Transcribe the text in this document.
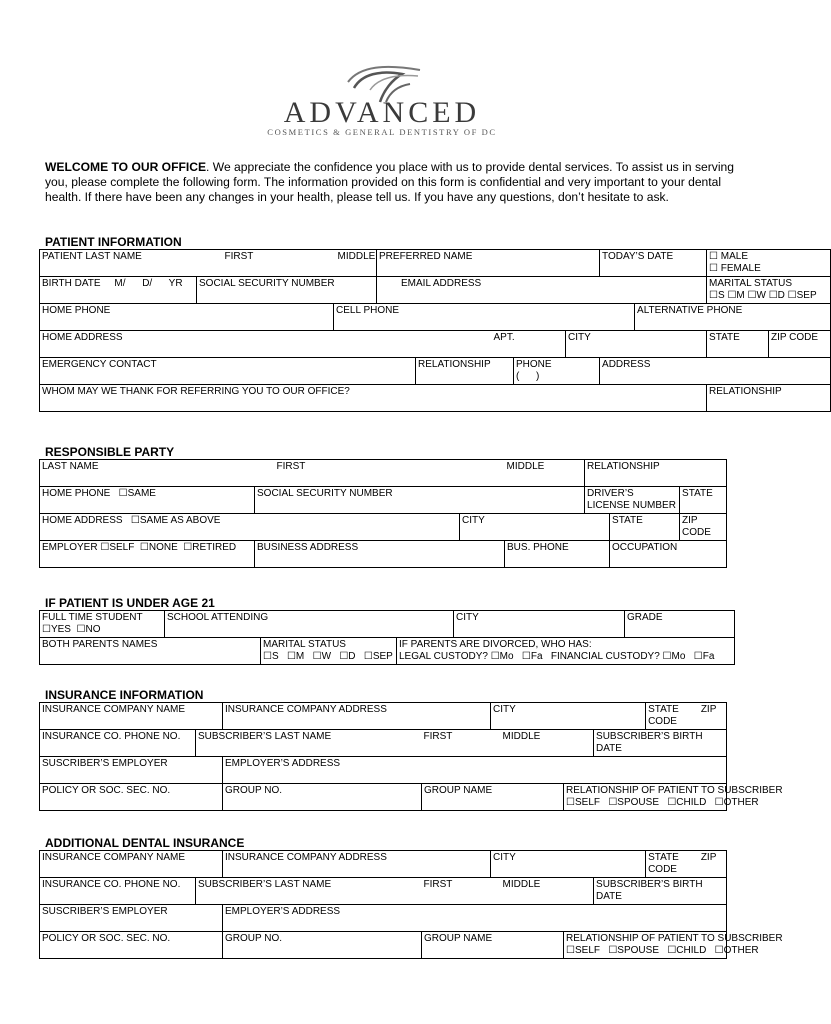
ADVANCED
COSMETICS & GENERAL DENTISTRY OF DC
WELCOME TO OUR OFFICE. We appreciate the confidence you place with us to provide dental services. To assist us in serving you, please complete the following form. The information provided on this form is confidential and very important to your dental health. If there have been any changes in your health, please tell us. If you have any questions, don’t hesitate to ask.
PATIENT INFORMATION
PATIENT LAST NAME	FIRST	MIDDLE	PREFERRED NAME					TODAY’S DATE		☐ MALE
☐ FEMALE	

BIRTH DATE     M/      D/      YR	SOCIAL SECURITY NUMBER		EMAIL ADDRESS							MARITAL STATUS
☐S ☐M ☐W ☐D ☐SEP	

HOME PHONE		CELL PHONE							ALTERNATIVE PHONE		
HOME ADDRESS					APT.		CITY			STATE	ZIP CODE
EMERGENCY CONTACT				RELATIONSHIP		PHONE
(      )		ADDRESS			
WHOM MAY WE THANK FOR REFERRING YOU TO OUR OFFICE?										RELATIONSHIP	
RESPONSIBLE PARTY
LAST NAME	FIRST		MIDDLE	RELATIONSHIP		
HOME PHONE   ☐SAME	SOCIAL SECURITY NUMBER			DRIVER’S LICENSE NUMBER		STATE
HOME ADDRESS   ☐SAME AS ABOVE		CITY			STATE	ZIP CODE
EMPLOYER ☐SELF  ☐NONE  ☐RETIRED	BUSINESS ADDRESS		BUS. PHONE		OCCUPATION	
IF PATIENT IS UNDER AGE 21
FULL TIME STUDENT
☐YES  ☐NO	SCHOOL ATTENDING			CITY	GRADE
BOTH PARENTS NAMES		MARITAL STATUS
☐S   ☐M   ☐W   ☐D   ☐SEP	IF PARENTS ARE DIVORCED, WHO HAS:
LEGAL CUSTODY? ☐Mo   ☐Fa   FINANCIAL CUSTODY? ☐Mo   ☐Fa		
INSURANCE INFORMATION
INSURANCE COMPANY NAME		INSURANCE COMPANY ADDRESS		CITY			STATE ZIP CODE
INSURANCE CO. PHONE NO.	SUBSCRIBER’S LAST NAME		FIRST	MIDDLE		SUBSCRIBER’S BIRTH DATE	
SUSCRIBER’S EMPLOYER		EMPLOYER’S ADDRESS					
POLICY OR SOC. SEC. NO.		GROUP NO.	GROUP NAME		RELATIONSHIP OF PATIENT TO SUBSCRIBER
☐SELF   ☐SPOUSE   ☐CHILD   ☐OTHER		
ADDITIONAL DENTAL INSURANCE
INSURANCE COMPANY NAME		INSURANCE COMPANY ADDRESS		CITY			STATE ZIP CODE
INSURANCE CO. PHONE NO.	SUBSCRIBER’S LAST NAME		FIRST	MIDDLE		SUBSCRIBER’S BIRTH DATE	
SUSCRIBER’S EMPLOYER		EMPLOYER’S ADDRESS					
POLICY OR SOC. SEC. NO.		GROUP NO.	GROUP NAME		RELATIONSHIP OF PATIENT TO SUBSCRIBER
☐SELF   ☐SPOUSE   ☐CHILD   ☐OTHER		
